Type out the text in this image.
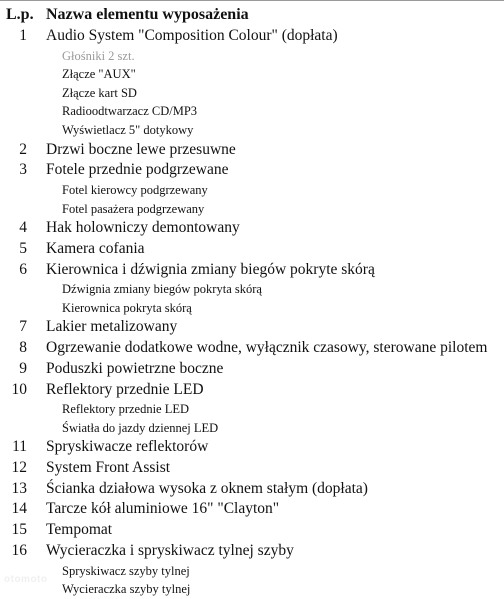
L.p. Nazwa elementu wyposażenia
1 Audio System "Composition Colour" (dopłata)
Głośniki 2 szt.
Złącze "AUX"
Złącze kart SD
Radioodtwarzacz CD/MP3
Wyświetlacz 5" dotykowy
2 Drzwi boczne lewe przesuwne
3 Fotele przednie podgrzewane
Fotel kierowcy podgrzewany
Fotel pasażera podgrzewany
4 Hak holowniczy demontowany
5 Kamera cofania
6 Kierownica i dźwignia zmiany biegów pokryte skórą
Dźwignia zmiany biegów pokryta skórą
Kierownica pokryta skórą
7 Lakier metalizowany
8 Ogrzewanie dodatkowe wodne, wyłącznik czasowy, sterowane pilotem
9 Poduszki powietrzne boczne
10 Reflektory przednie LED
Reflektory przednie LED
Światła do jazdy dziennej LED
11 Spryskiwacze reflektorów
12 System Front Assist
13 Ścianka działowa wysoka z oknem stałym (dopłata)
14 Tarcze kół aluminiowe 16" "Clayton"
15 Tempomat
16 Wycieraczka i spryskiwacz tylnej szyby
Spryskiwacz szyby tylnej
Wycieraczka szyby tylnej
otomoto
